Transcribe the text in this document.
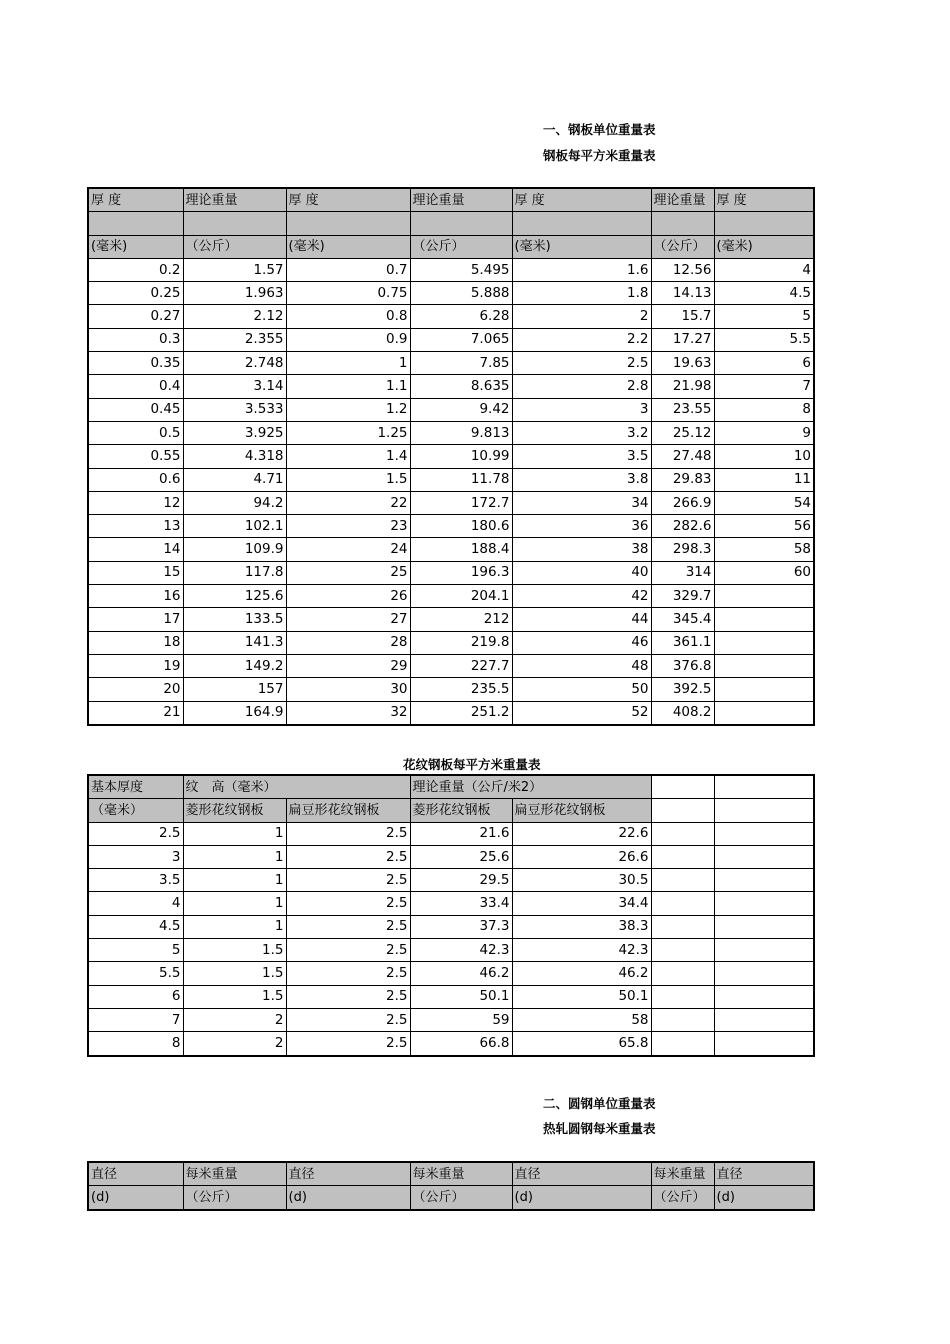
一、钢板单位重量表
钢板每平方米重量表
厚 度	理论重量	厚 度	理论重量	厚 度	理论重量	厚 度

(毫米)	（公斤）	(毫米)	（公斤）	(毫米)	（公斤）	(毫米)
0.2	1.57	0.7	5.495	1.6	12.56	4
0.25	1.963	0.75	5.888	1.8	14.13	4.5
0.27	2.12	0.8	6.28	2	15.7	5
0.3	2.355	0.9	7.065	2.2	17.27	5.5
0.35	2.748	1	7.85	2.5	19.63	6
0.4	3.14	1.1	8.635	2.8	21.98	7
0.45	3.533	1.2	9.42	3	23.55	8
0.5	3.925	1.25	9.813	3.2	25.12	9
0.55	4.318	1.4	10.99	3.5	27.48	10
0.6	4.71	1.5	11.78	3.8	29.83	11
12	94.2	22	172.7	34	266.9	54
13	102.1	23	180.6	36	282.6	56
14	109.9	24	188.4	38	298.3	58
15	117.8	25	196.3	40	314	60
16	125.6	26	204.1	42	329.7	
17	133.5	27	212	44	345.4	
18	141.3	28	219.8	46	361.1	
19	149.2	29	227.7	48	376.8	
20	157	30	235.5	50	392.5	
21	164.9	32	251.2	52	408.2	
花纹钢板每平方米重量表
基本厚度	纹　高（毫米）		理论重量（公斤/米2）			
（毫米）	菱形花纹钢板	扁豆形花纹钢板	菱形花纹钢板	扁豆形花纹钢板		
2.5	1	2.5	21.6	22.6		
3	1	2.5	25.6	26.6		
3.5	1	2.5	29.5	30.5		
4	1	2.5	33.4	34.4		
4.5	1	2.5	37.3	38.3		
5	1.5	2.5	42.3	42.3		
5.5	1.5	2.5	46.2	46.2		
6	1.5	2.5	50.1	50.1		
7	2	2.5	59	58		
8	2	2.5	66.8	65.8		
二、圆钢单位重量表
热轧圆钢每米重量表
直径	每米重量	直径	每米重量	直径	每米重量	直径
(d)	（公斤）	(d)	（公斤）	(d)	（公斤）	(d)
